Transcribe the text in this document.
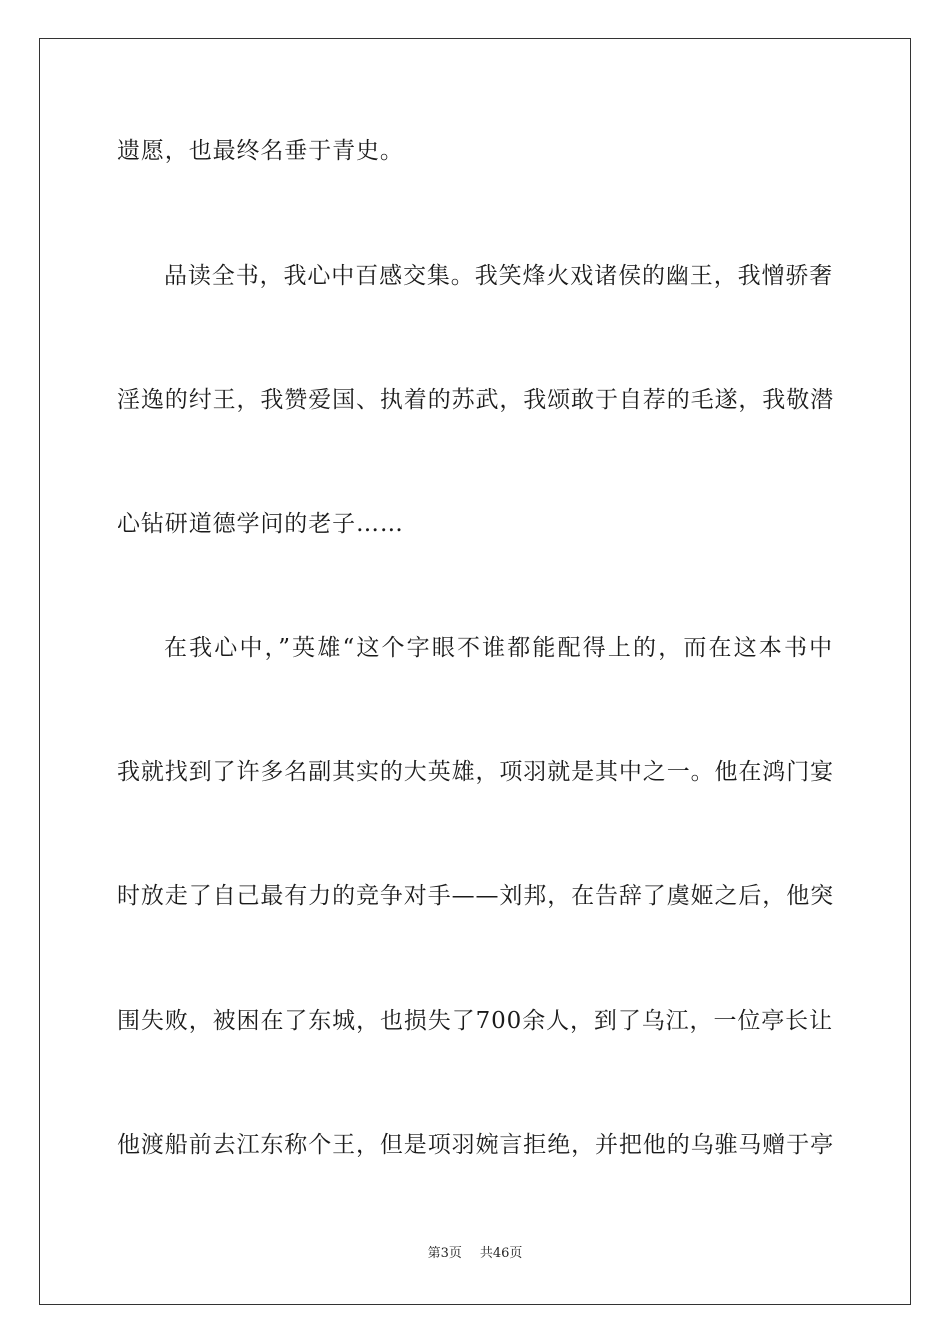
遗愿，也最终名垂于青史。
品读全书，我心中百感交集。我笑烽火戏诸侯的幽王，我憎骄奢
淫逸的纣王，我赞爱国、执着的苏武，我颂敢于自荐的毛遂，我敬潜
心钻研道德学问的老子……
在我心中，”英雄“这个字眼不谁都能配得上的，而在这本书中
我就找到了许多名副其实的大英雄，项羽就是其中之一。他在鸿门宴
时放走了自己最有力的竞争对手——刘邦，在告辞了虞姬之后，他突
围失败，被困在了东城，也损失了700余人，到了乌江，一位亭长让
他渡船前去江东称个王，但是项羽婉言拒绝，并把他的乌骓马赠于亭
第3页 共46页
